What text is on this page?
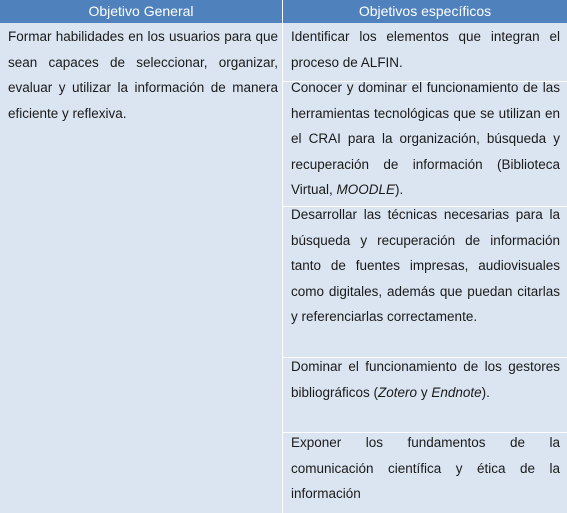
Objetivo General	Objetivos específicos

Formar habilidades en los usuarios para que sean capaces de seleccionar, organizar, evaluar y utilizar la información de manera eficiente y reflexiva.

Identificar los elementos que integran el proceso de ALFIN.

Conocer y dominar el funcionamiento de las herramientas tecnológicas que se utilizan en el CRAI para la organización, búsqueda y recuperación de información (Biblioteca Virtual, MOODLE).

Desarrollar las técnicas necesarias para la búsqueda y recuperación de información tanto de fuentes impresas, audiovisuales como digitales, además que puedan citarlas y referenciarlas correctamente.

Dominar el funcionamiento de los gestores bibliográficos (Zotero y Endnote).

Exponer los fundamentos de la comunicación científica y ética de la información
